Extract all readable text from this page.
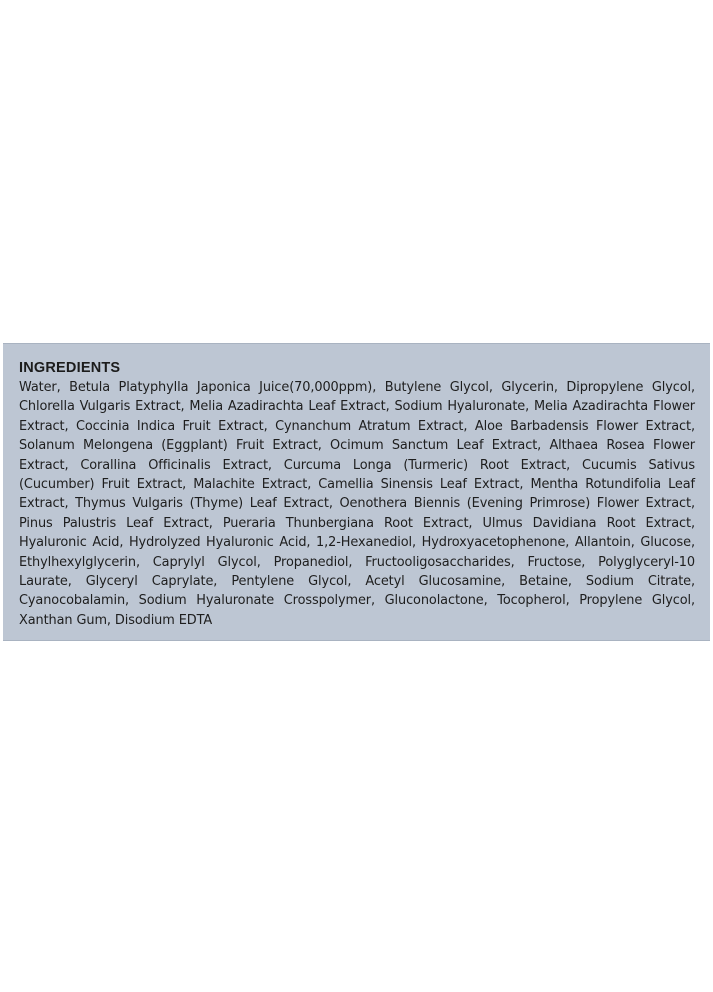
INGREDIENTS

Water, Betula Platyphylla Japonica Juice(70,000ppm), Butylene Glycol, Glycerin, Dipropylene Glycol, Chlorella Vulgaris Extract, Melia Azadirachta Leaf Extract, Sodium Hyaluronate, Melia Azadirachta Flower Extract, Coccinia Indica Fruit Extract, Cynanchum Atratum Extract, Aloe Barbadensis Flower Extract, Solanum Melongena (Eggplant) Fruit Extract, Ocimum Sanctum Leaf Extract, Althaea Rosea Flower Extract, Corallina Officinalis Extract, Curcuma Longa (Turmeric) Root Extract, Cucumis Sativus (Cucumber) Fruit Extract, Malachite Extract, Camellia Sinensis Leaf Extract, Mentha Rotundifolia Leaf Extract, Thymus Vulgaris (Thyme) Leaf Extract, Oenothera Biennis (Evening Primrose) Flower Extract, Pinus Palustris Leaf Extract, Pueraria Thunbergiana Root Extract, Ulmus Davidiana Root Extract, Hyaluronic Acid, Hydrolyzed Hyaluronic Acid, 1,2-Hexanediol, Hydroxyacetophenone, Allantoin, Glucose, Ethylhexylglycerin, Caprylyl Glycol, Propanediol, Fructooligosaccharides, Fructose, Polyglyceryl-10 Laurate, Glyceryl Caprylate, Pentylene Glycol, Acetyl Glucosamine, Betaine, Sodium Citrate, Cyanocobalamin, Sodium Hyaluronate Crosspolymer, Gluconolactone, Tocopherol, Propylene Glycol, Xanthan Gum, Disodium EDTA
